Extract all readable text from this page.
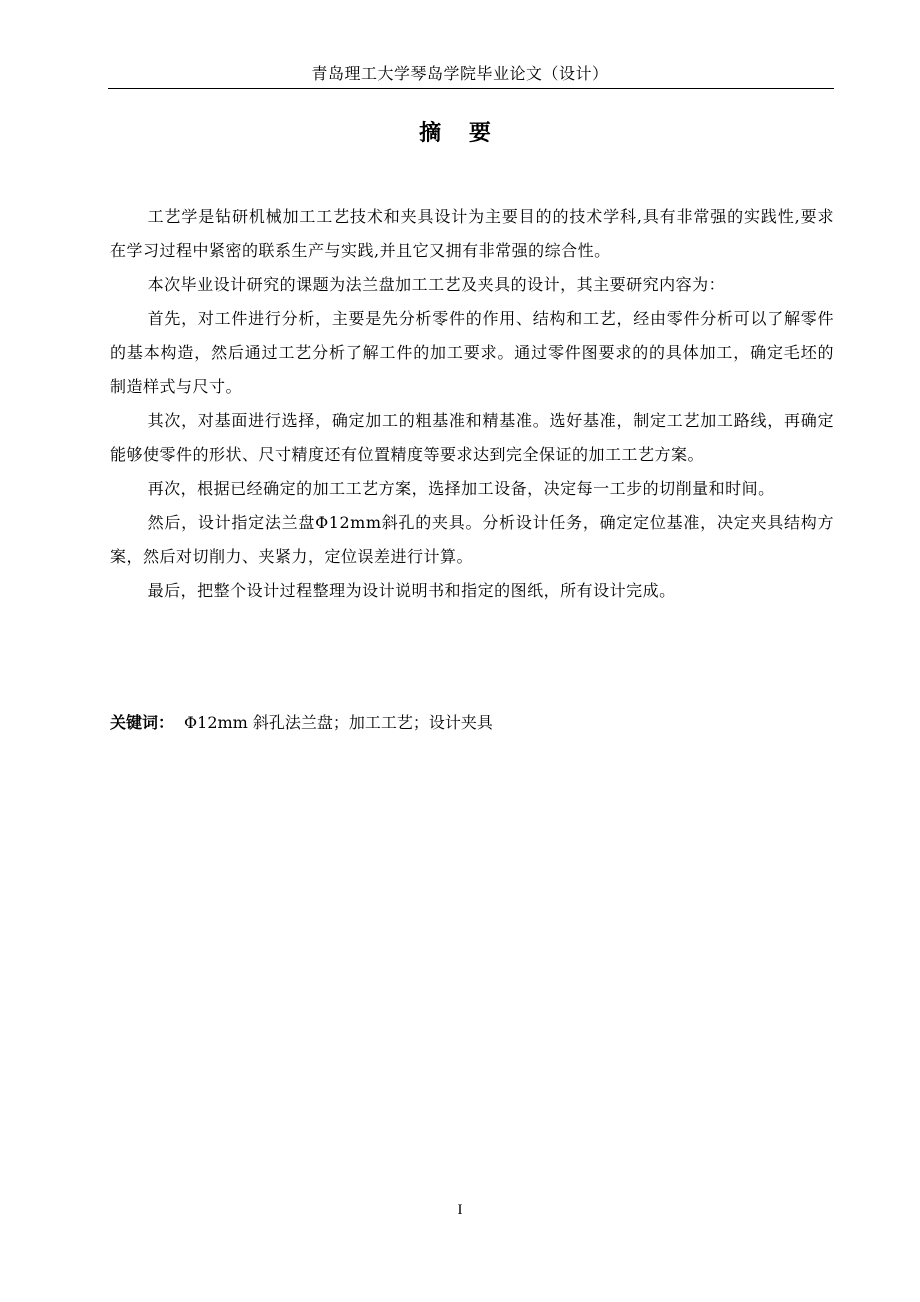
青岛理工大学琴岛学院毕业论文（设计）
摘 要

工艺学是钻研机械加工工艺技术和夹具设计为主要目的的技术学科,具有非常强的实践性,要求在学习过程中紧密的联系生产与实践,并且它又拥有非常强的综合性。

本次毕业设计研究的课题为法兰盘加工工艺及夹具的设计，其主要研究内容为：

首先，对工件进行分析，主要是先分析零件的作用、结构和工艺，经由零件分析可以了解零件的基本构造，然后通过工艺分析了解工件的加工要求。通过零件图要求的的具体加工，确定毛坯的制造样式与尺寸。

其次，对基面进行选择，确定加工的粗基准和精基准。选好基准，制定工艺加工路线，再确定能够使零件的形状、尺寸精度还有位置精度等要求达到完全保证的加工工艺方案。

再次，根据已经确定的加工工艺方案，选择加工设备，决定每一工步的切削量和时间。

然后，设计指定法兰盘Φ12mm斜孔的夹具。分析设计任务，确定定位基准，决定夹具结构方案，然后对切削力、夹紧力，定位误差进行计算。

最后，把整个设计过程整理为设计说明书和指定的图纸，所有设计完成。

关键词： Φ12mm 斜孔法兰盘；加工工艺；设计夹具
I
